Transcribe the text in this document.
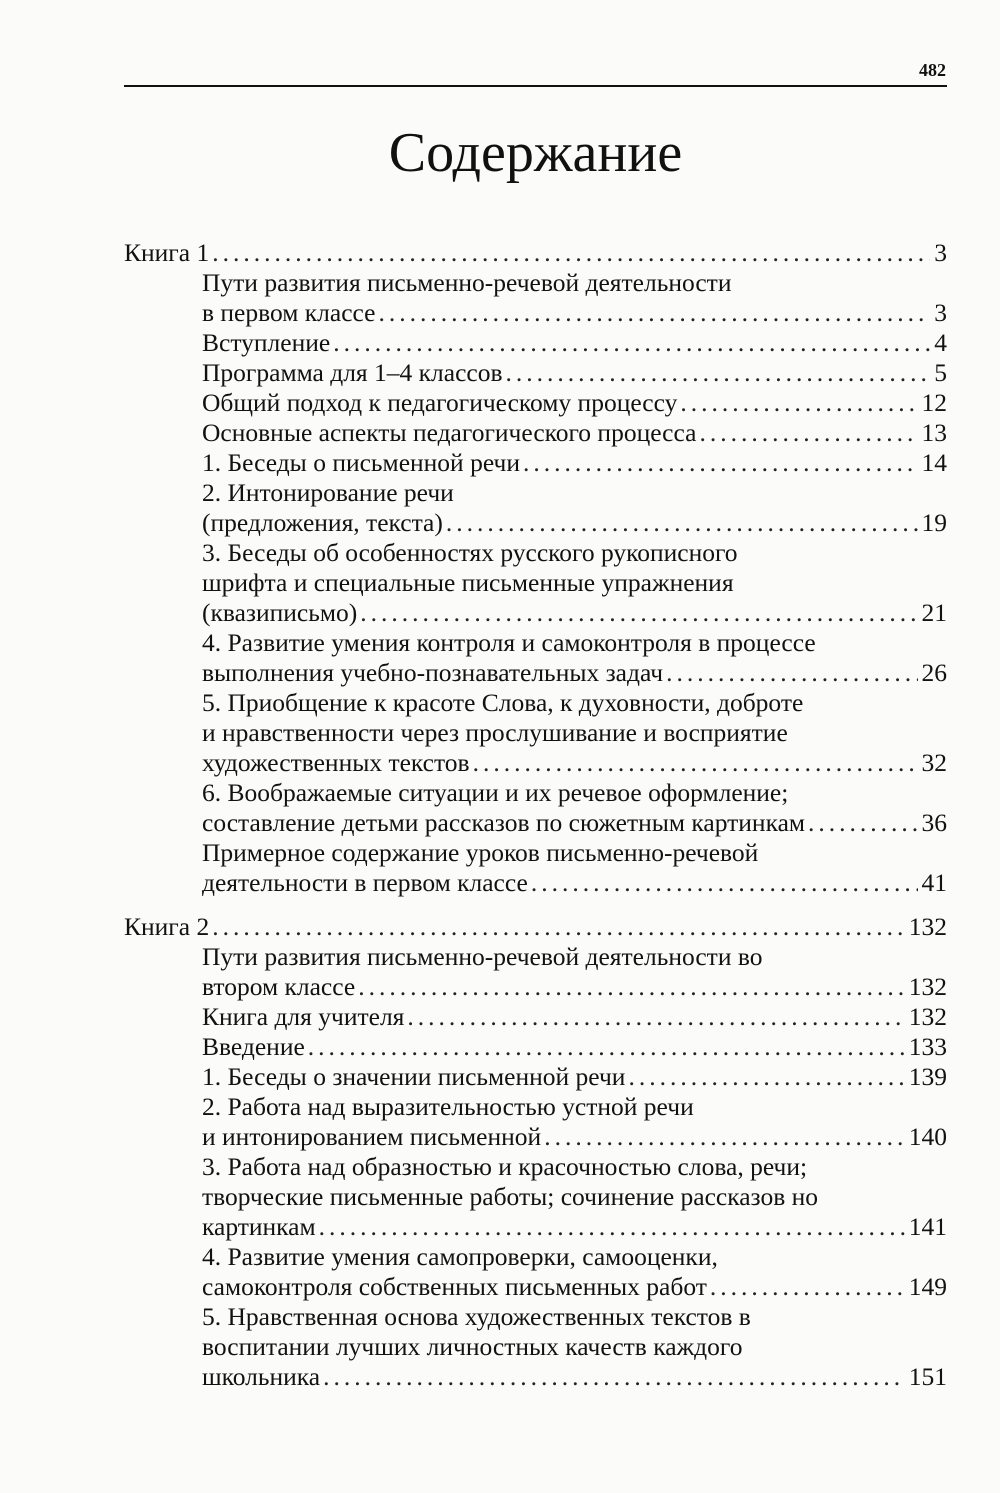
482
Содержание
Книга 1 .....	3
Пути развития письменно-речевой деятельности
в первом классе .....	3
Вступление .....	4
Программа для 1–4 классов .....	5
Общий подход к педагогическому процессу .....	12
Основные аспекты педагогического процесса .....	13
1. Беседы о письменной речи .....	14
2. Интонирование речи
(предложения, текста) .....	19
3. Беседы об особенностях русского рукописного
шрифта и специальные письменные упражнения
(квазиписьмо) .....	21
4. Развитие умения контроля и самоконтроля в процессе
выполнения учебно-познавательных задач .....	26
5. Приобщение к красоте Слова, к духовности, доброте
и нравственности через прослушивание и восприятие
художественных текстов .....	32
6. Воображаемые ситуации и их речевое оформление;
составление детьми рассказов по сюжетным картинкам .....	36
Примерное содержание уроков письменно-речевой
деятельности в первом классе .....	41
Книга 2 .....	132
Пути развития письменно-речевой деятельности во
втором классе .....	132
Книга для учителя .....	132
Введение .....	133
1. Беседы о значении письменной речи .....	139
2. Работа над выразительностью устной речи
и интонированием письменной .....	140
3. Работа над образностью и красочностью слова, речи;
творческие письменные работы; сочинение рассказов но
картинкам .....	141
4. Развитие умения самопроверки, самооценки,
самоконтроля собственных письменных работ .....	149
5. Нравственная основа художественных текстов в
воспитании лучших личностных качеств каждого
школьника .....	151
